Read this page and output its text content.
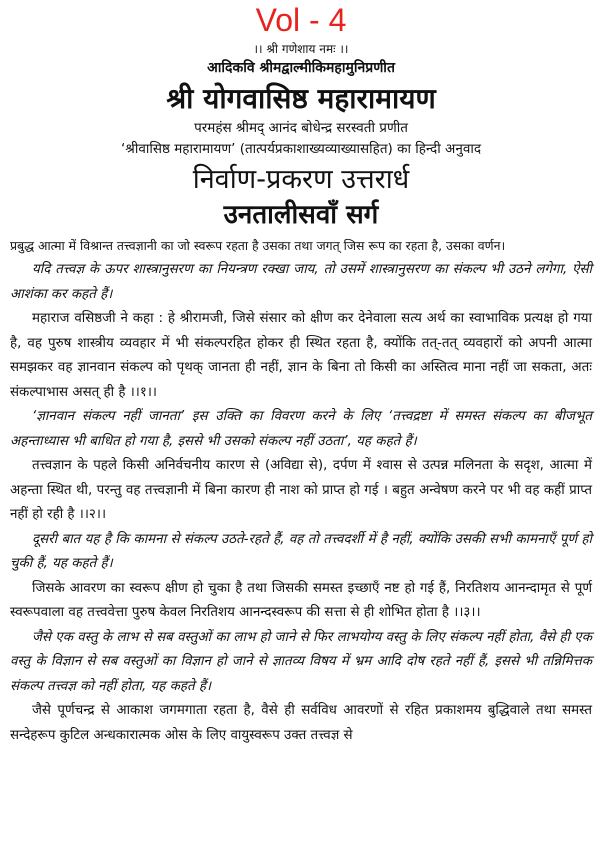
Vol - 4
।। श्री गणेशाय नमः ।।
आदिकवि श्रीमद्वाल्मीकिमहामुनिप्रणीत
श्री योगवासिष्ठ महारामायण
परमहंस श्रीमद् आनंद बोधेन्द्र सरस्वती प्रणीत
‘श्रीवासिष्ठ महारामायण’ (तात्पर्यप्रकाशाख्यव्याख्यासहित) का हिन्दी अनुवाद
निर्वाण-प्रकरण उत्तरार्ध
उनतालीसवाँ सर्ग
प्रबुद्ध आत्मा में विश्रान्त तत्त्वज्ञानी का जो स्वरूप रहता है उसका तथा जगत् जिस रूप का रहता है, उसका वर्णन।

यदि तत्त्वज्ञ के ऊपर शास्त्रानुसरण का नियन्त्रण रक्खा जाय, तो उसमें शास्त्रानुसरण का संकल्प भी उठने लगेगा, ऐसी आशंका कर कहते हैं।

महाराज वसिष्ठजी ने कहा : हे श्रीरामजी, जिसे संसार को क्षीण कर देनेवाला सत्य अर्थ का स्वाभाविक प्रत्यक्ष हो गया है, वह पुरुष शास्त्रीय व्यवहार में भी संकल्परहित होकर ही स्थित रहता है, क्योंकि तत्-तत् व्यवहारों को अपनी आत्मा समझकर वह ज्ञानवान संकल्प को पृथक् जानता ही नहीं, ज्ञान के बिना तो किसी का अस्तित्व माना नहीं जा सकता, अतः संकल्पाभास असत् ही है ।।१।।

‘ज्ञानवान संकल्प नहीं जानता’ इस उक्ति का विवरण करने के लिए ‘तत्त्वद्रष्टा में समस्त संकल्प का बीजभूत अहन्ताध्यास भी बाधित हो गया है, इससे भी उसको संकल्प नहीं उठता’, यह कहते हैं।

तत्त्वज्ञान के पहले किसी अनिर्वचनीय कारण से (अविद्या से), दर्पण में श्वास से उत्पन्न मलिनता के सदृश, आत्मा में अहन्ता स्थित थी, परन्तु वह तत्त्वज्ञानी में बिना कारण ही नाश को प्राप्त हो गई । बहुत अन्वेषण करने पर भी वह कहीं प्राप्त नहीं हो रही है ।।२।।

दूसरी बात यह है कि कामना से संकल्प उठते-रहते हैं, वह तो तत्त्वदर्शी में है नहीं, क्योंकि उसकी सभी कामनाएँ पूर्ण हो चुकी हैं, यह कहते हैं।

जिसके आवरण का स्वरूप क्षीण हो चुका है तथा जिसकी समस्त इच्छाएँ नष्ट हो गई हैं, निरतिशय आनन्दामृत से पूर्ण स्वरूपवाला वह तत्त्ववेत्ता पुरुष केवल निरतिशय आनन्दस्वरूप की सत्ता से ही शोभित होता है ।।३।।

जैसे एक वस्तु के लाभ से सब वस्तुओं का लाभ हो जाने से फिर लाभयोग्य वस्तु के लिए संकल्प नहीं होता, वैसे ही एक वस्तु के विज्ञान से सब वस्तुओं का विज्ञान हो जाने से ज्ञातव्य विषय में भ्रम आदि दोष रहते नहीं हैं, इससे भी तन्निमित्तक संकल्प तत्त्वज्ञ को नहीं होता, यह कहते हैं।

जैसे पूर्णचन्द्र से आकाश जगमगाता रहता है, वैसे ही सर्वविध आवरणों से रहित प्रकाशमय बुद्धिवाले तथा समस्त सन्देहरूप कुटिल अन्धकारात्मक ओस के लिए वायुस्वरूप उक्त तत्त्वज्ञ से
